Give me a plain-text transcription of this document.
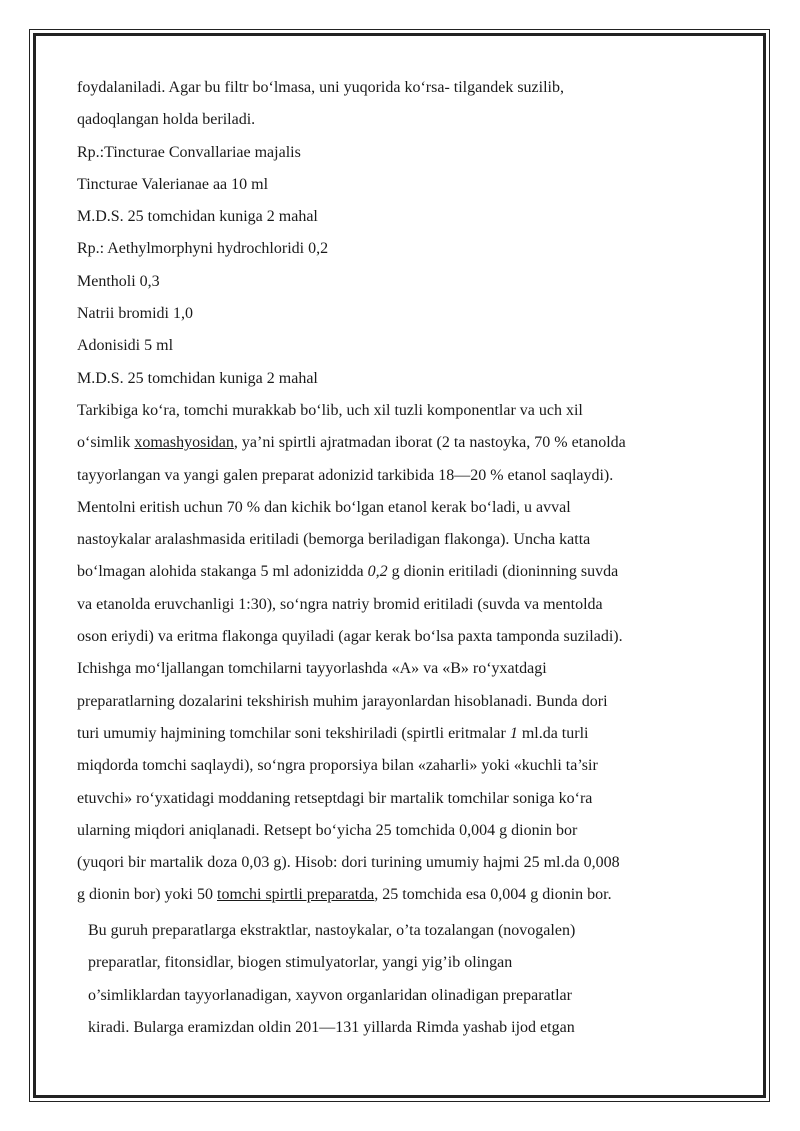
foydalaniladi. Agar bu filtr bo‘lmasa, uni yuqorida ko‘rsa- tilgandek suzilib,
qadoqlangan holda beriladi.
Rp.:Tincturae Convallariae majalis
Tincturae Valerianae aa 10 ml
M.D.S. 25 tomchidan kuniga 2 mahal
Rp.: Aethylmorphyni hydrochloridi 0,2
Mentholi 0,3
Natrii bromidi 1,0
Adonisidi 5 ml
M.D.S. 25 tomchidan kuniga 2 mahal
Tarkibiga ko‘ra, tomchi murakkab bo‘lib, uch xil tuzli komponentlar va uch xil
o‘simlik xomashyosidan, ya’ni spirtli ajratmadan iborat (2 ta nastoyka, 70 % etanolda
tayyorlangan va yangi galen preparat adonizid tarkibida 18—20 % etanol saqlaydi).
Mentolni eritish uchun 70 % dan kichik bo‘lgan etanol kerak bo‘ladi, u avval
nastoykalar aralashmasida eritiladi (bemorga beriladigan flakonga). Uncha katta
bo‘lmagan alohida stakanga 5 ml adonizidda 0,2 g dionin eritiladi (dioninning suvda
va etanolda eruvchanligi 1:30), so‘ngra natriy bromid eritiladi (suvda va mentolda
oson eriydi) va eritma flakonga quyiladi (agar kerak bo‘lsa paxta tamponda suziladi).
Ichishga mo‘ljallangan tomchilarni tayyorlashda «A» va «B» ro‘yxatdagi
preparatlarning dozalarini tekshirish muhim jarayonlardan hisoblanadi. Bunda dori
turi umumiy hajmining tomchilar soni tekshiriladi (spirtli eritmalar 1 ml.da turli
miqdorda tomchi saqlaydi), so‘ngra proporsiya bilan «zaharli» yoki «kuchli ta’sir
etuvchi» ro‘yxatidagi moddaning retseptdagi bir martalik tomchilar soniga ko‘ra
ularning miqdori aniqlanadi. Retsept bo‘yicha 25 tomchida 0,004 g dionin bor
(yuqori bir martalik doza 0,03 g). Hisob: dori turining umumiy hajmi 25 ml.da 0,008
g dionin bor) yoki 50 tomchi spirtli preparatda, 25 tomchida esa 0,004 g dionin bor.
Bu guruh preparatlarga ekstraktlar, nastoykalar, o’ta tozalangan (novogalen)
preparatlar, fitonsidlar, biogen stimulyatorlar, yangi yig’ib olingan
o’simliklardan tayyorlanadigan, xayvon organlaridan olinadigan preparatlar
kiradi. Bularga eramizdan oldin 201—131 yillarda Rimda yashab ijod etgan
